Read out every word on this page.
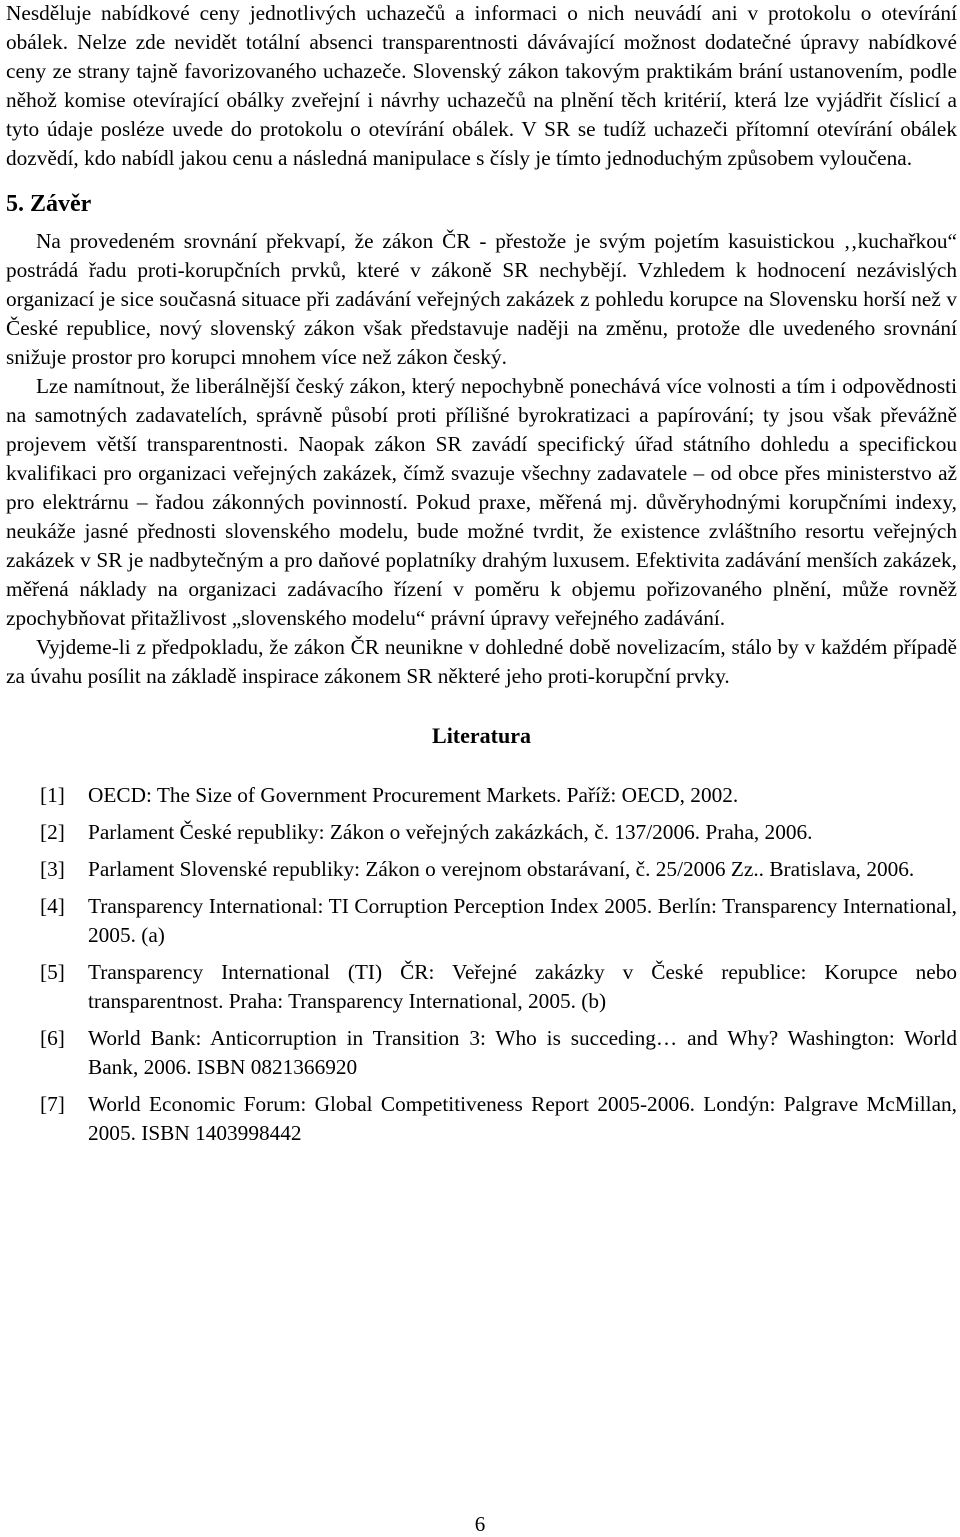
Nesděluje nabídkové ceny jednotlivých uchazečů a informaci o nich neuvádí ani v protokolu o otevírání obálek. Nelze zde nevidět totální absenci transparentnosti dávávající možnost dodatečné úpravy nabídkové ceny ze strany tajně favorizovaného uchazeče. Slovenský zákon takovým praktikám brání ustanovením, podle něhož komise otevírající obálky zveřejní i návrhy uchazečů na plnění těch kritérií, která lze vyjádřit číslicí a tyto údaje posléze uvede do protokolu o otevírání obálek. V SR se tudíž uchazeči přítomní otevírání obálek dozvědí, kdo nabídl jakou cenu a následná manipulace s čísly je tímto jednoduchým způsobem vyloučena.

5. Závěr

Na provedeném srovnání překvapí, že zákon ČR - přestože je svým pojetím kasuistickou ‚‚kuchařkou“ postrádá řadu proti-korupčních prvků, které v zákoně SR nechybějí. Vzhledem k hodnocení nezávislých organizací je sice současná situace při zadávání veřejných zakázek z pohledu korupce na Slovensku horší než v České republice, nový slovenský zákon však představuje naději na změnu, protože dle uvedeného srovnání snižuje prostor pro korupci mnohem více než zákon český.

Lze namítnout, že liberálnější český zákon, který nepochybně ponechává více volnosti a tím i odpovědnosti na samotných zadavatelích, správně působí proti přílišné byrokratizaci a papírování; ty jsou však převážně projevem větší transparentnosti. Naopak zákon SR zavádí specifický úřad státního dohledu a specifickou kvalifikaci pro organizaci veřejných zakázek, čímž svazuje všechny zadavatele – od obce přes ministerstvo až pro elektrárnu – řadou zákonných povinností. Pokud praxe, měřená mj. důvěryhodnými korupčními indexy, neukáže jasné přednosti slovenského modelu, bude možné tvrdit, že existence zvláštního resortu veřejných zakázek v SR je nadbytečným a pro daňové poplatníky drahým luxusem. Efektivita zadávání menších zakázek, měřená náklady na organizaci zadávacího řízení v poměru k objemu pořizovaného plnění, může rovněž zpochybňovat přitažlivost „slovenského modelu“ právní úpravy veřejného zadávání.

Vyjdeme-li z předpokladu, že zákon ČR neunikne v dohledné době novelizacím, stálo by v každém případě za úvahu posílit na základě inspirace zákonem SR některé jeho proti-korupční prvky.

Literatura
[1]	OECD: The Size of Government Procurement Markets. Paříž: OECD, 2002.
[2]	Parlament České republiky: Zákon o veřejných zakázkách, č. 137/2006. Praha, 2006.
[3]	Parlament Slovenské republiky: Zákon o verejnom obstarávaní, č. 25/2006 Zz.. Bratislava, 2006.
[4]	Transparency International: TI Corruption Perception Index 2005. Berlín: Transparency International, 2005. (a)
[5]	Transparency International (TI) ČR: Veřejné zakázky v České republice: Korupce nebo transparentnost. Praha: Transparency International, 2005. (b)
[6]	World Bank: Anticorruption in Transition 3: Who is succeding… and Why? Washington: World Bank, 2006. ISBN 0821366920
[7]	World Economic Forum: Global Competitiveness Report 2005-2006. Londýn: Palgrave McMillan, 2005. ISBN 1403998442
6
